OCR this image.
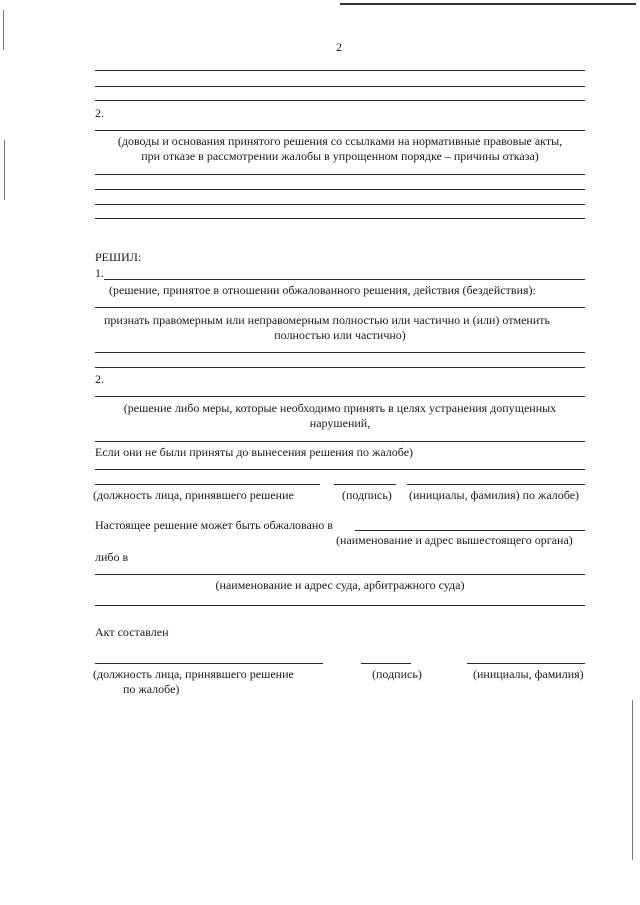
2
2.
(доводы и основания принятого решения со ссылками на нормативные правовые акты,
при отказе в рассмотрении жалобы в упрощенном порядке – причины отказа)
РЕШИЛ:
1.
(решение, принятое в отношении обжалованного решения, действия (бездействия):
признать правомерным или неправомерным полностью или частично и (или) отменить
полностью или частично)
2.
(решение либо меры, которые необходимо принять в целях устранения допущенных
нарушений,
Если они не были приняты до вынесения решения по жалобе)
(должность лица, принявшего решение	(подпись) (инициалы, фамилия) по жалобе)
Настоящее решение может быть обжаловано в
(наименование и адрес вышестоящего органа)
либо в
(наименование и адрес суда, арбитражного суда)
Акт составлен
(должность лица, принявшего решение
по жалобе)
(подпись)	(инициалы, фамилия)
